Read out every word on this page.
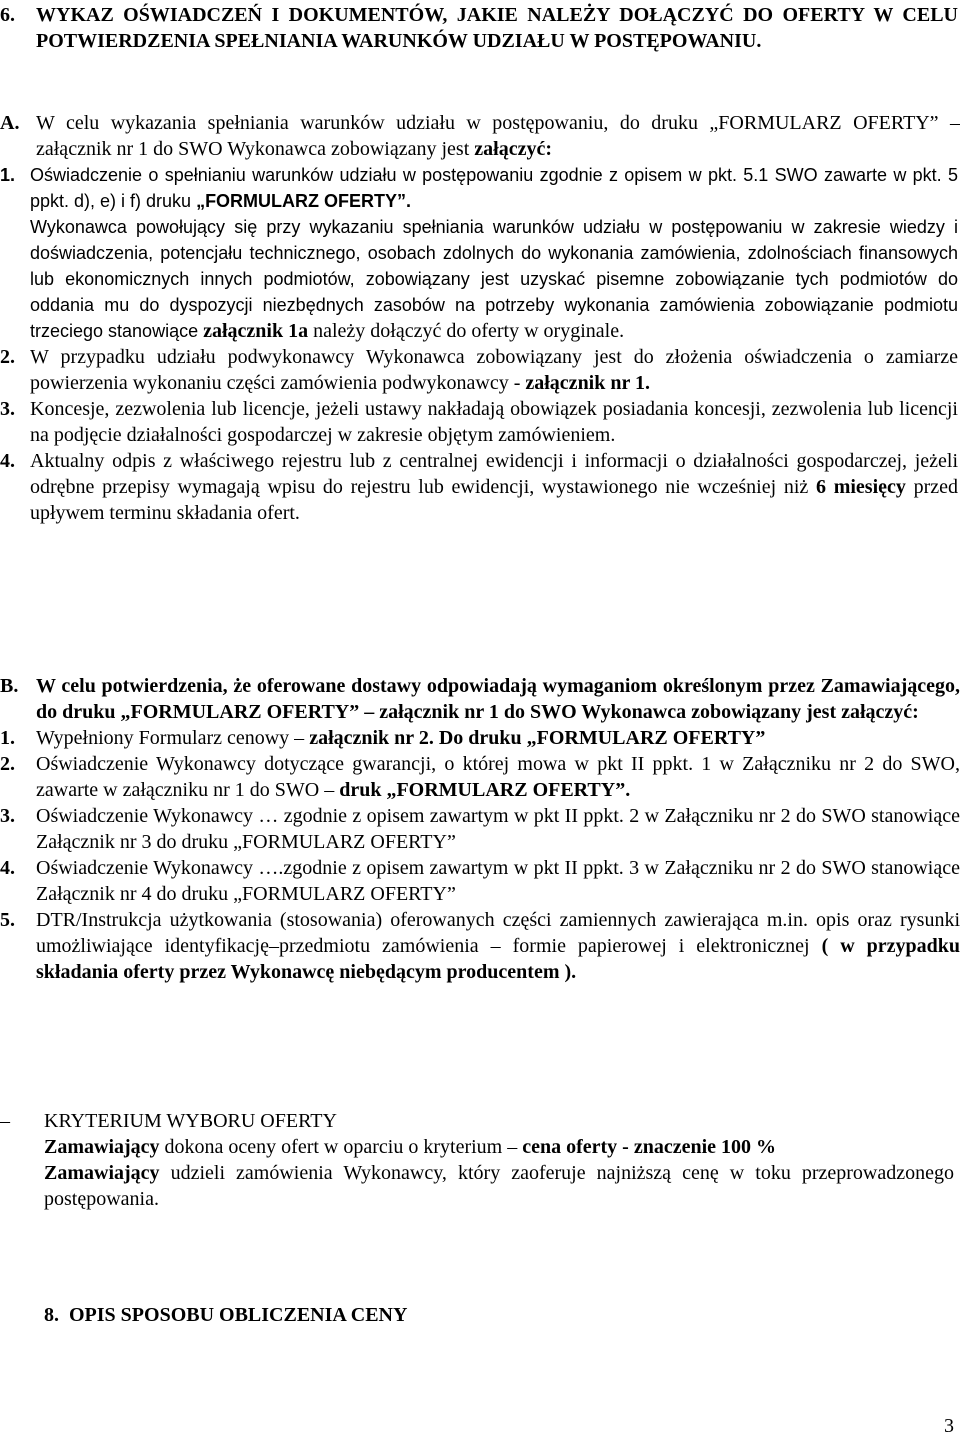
6.	WYKAZ OŚWIADCZEŃ I DOKUMENTÓW, JAKIE NALEŻY DOŁĄCZYĆ DO OFERTY W CELU POTWIERDZENIA SPEŁNIANIA WARUNKÓW UDZIAŁU W POSTĘPOWANIU.
A. W celu wykazania spełniania warunków udziału w postępowaniu, do druku „FORMULARZ OFERTY” – załącznik nr 1 do SWO Wykonawca zobowiązany jest załączyć:
1. Oświadczenie o spełnianiu warunków udziału w postępowaniu zgodnie z opisem w pkt. 5.1 SWO zawarte w pkt. 5 ppkt. d), e) i f) druku „FORMULARZ OFERTY”.
Wykonawca powołujący się przy wykazaniu spełniania warunków udziału w postępowaniu w zakresie wiedzy i doświadczenia, potencjału technicznego, osobach zdolnych do wykonania zamówienia, zdolnościach finansowych lub ekonomicznych innych podmiotów, zobowiązany jest uzyskać pisemne zobowiązanie tych podmiotów do oddania mu do dyspozycji niezbędnych zasobów na potrzeby wykonania zamówienia zobowiązanie podmiotu trzeciego stanowiące załącznik 1a należy dołączyć do oferty w oryginale.
2. W przypadku udziału podwykonawcy Wykonawca zobowiązany jest do złożenia oświadczenia o zamiarze powierzenia wykonaniu części zamówienia podwykonawcy - załącznik nr 1.
3. Koncesje, zezwolenia lub licencje, jeżeli ustawy nakładają obowiązek posiadania koncesji, zezwolenia lub licencji na podjęcie działalności gospodarczej w zakresie objętym zamówieniem.
4. Aktualny odpis z właściwego rejestru lub z centralnej ewidencji i informacji o działalności gospodarczej, jeżeli odrębne przepisy wymagają wpisu do rejestru lub ewidencji, wystawionego nie wcześniej niż 6 miesięcy przed upływem terminu składania ofert.
B. W celu potwierdzenia, że oferowane dostawy odpowiadają wymaganiom określonym przez Zamawiającego, do druku „FORMULARZ OFERTY” – załącznik nr 1 do SWO Wykonawca zobowiązany jest załączyć:
1.	Wypełniony Formularz cenowy – załącznik nr 2. Do druku „FORMULARZ OFERTY”
2.	Oświadczenie Wykonawcy dotyczące gwarancji, o której mowa w pkt II ppkt. 1 w Załączniku nr 2 do SWO, zawarte w załączniku nr 1 do SWO – druk „FORMULARZ OFERTY”.
3.	Oświadczenie Wykonawcy … zgodnie z opisem zawartym w pkt II ppkt. 2 w Załączniku nr 2 do SWO stanowiące Załącznik nr 3 do druku „FORMULARZ OFERTY”
4.	Oświadczenie Wykonawcy ….zgodnie z opisem zawartym w pkt II ppkt. 3 w Załączniku nr 2 do SWO stanowiące Załącznik nr 4 do druku „FORMULARZ OFERTY”
5.	DTR/Instrukcja użytkowania (stosowania) oferowanych części zamiennych zawierająca m.in. opis oraz rysunki umożliwiające identyfikację–przedmiotu zamówienia – formie papierowej i elektronicznej ( w przypadku składania oferty przez Wykonawcę niebędącym producentem ).
–	KRYTERIUM WYBORU OFERTY
Zamawiający dokona oceny ofert w oparciu o kryterium – cena oferty - znaczenie 100 %
Zamawiający udzieli zamówienia Wykonawcy, który zaoferuje najniższą cenę w toku przeprowadzonego postępowania.
8.  OPIS SPOSOBU OBLICZENIA CENY
3
